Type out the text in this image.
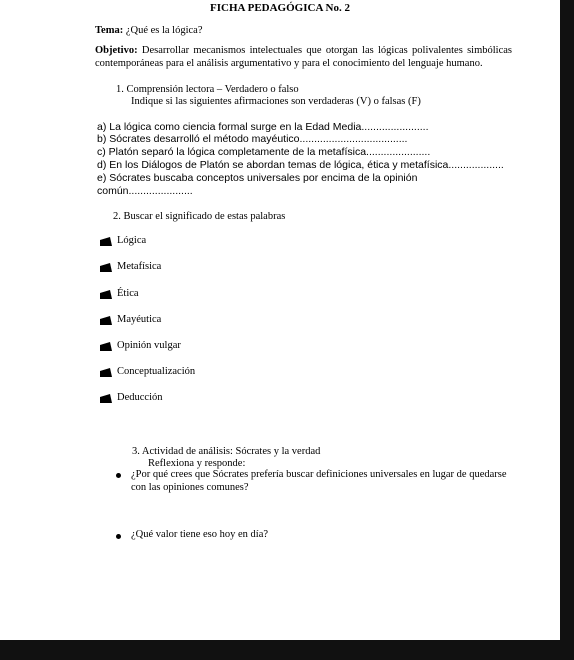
FICHA PEDAGÓGICA No. 2
Tema: ¿Qué es la lógica?
Objetivo: Desarrollar mecanismos intelectuales que otorgan las lógicas polivalentes simbólicas contemporáneas para el análisis argumentativo y para el conocimiento del lenguaje humano.
1. Comprensión lectora – Verdadero o falso
Indique si las siguientes afirmaciones son verdaderas (V) o falsas (F)
a) La lógica como ciencia formal surge en la Edad Media.......................
b) Sócrates desarrolló el método mayéutico.....................................
c) Platón separó la lógica completamente de la metafísica......................
d) En los Diálogos de Platón se abordan temas de lógica, ética y metafísica...................
e) Sócrates buscaba conceptos universales por encima de la opinión
común......................
2. Buscar el significado de estas palabras
Lógica
Metafísica
Ética
Mayéutica
Opinión vulgar
Conceptualización
Deducción
3. Actividad de análisis: Sócrates y la verdad
Reflexiona y responde:
¿Por qué crees que Sócrates prefería buscar definiciones universales en lugar de quedarse
con las opiniones comunes?
¿Qué valor tiene eso hoy en día?
